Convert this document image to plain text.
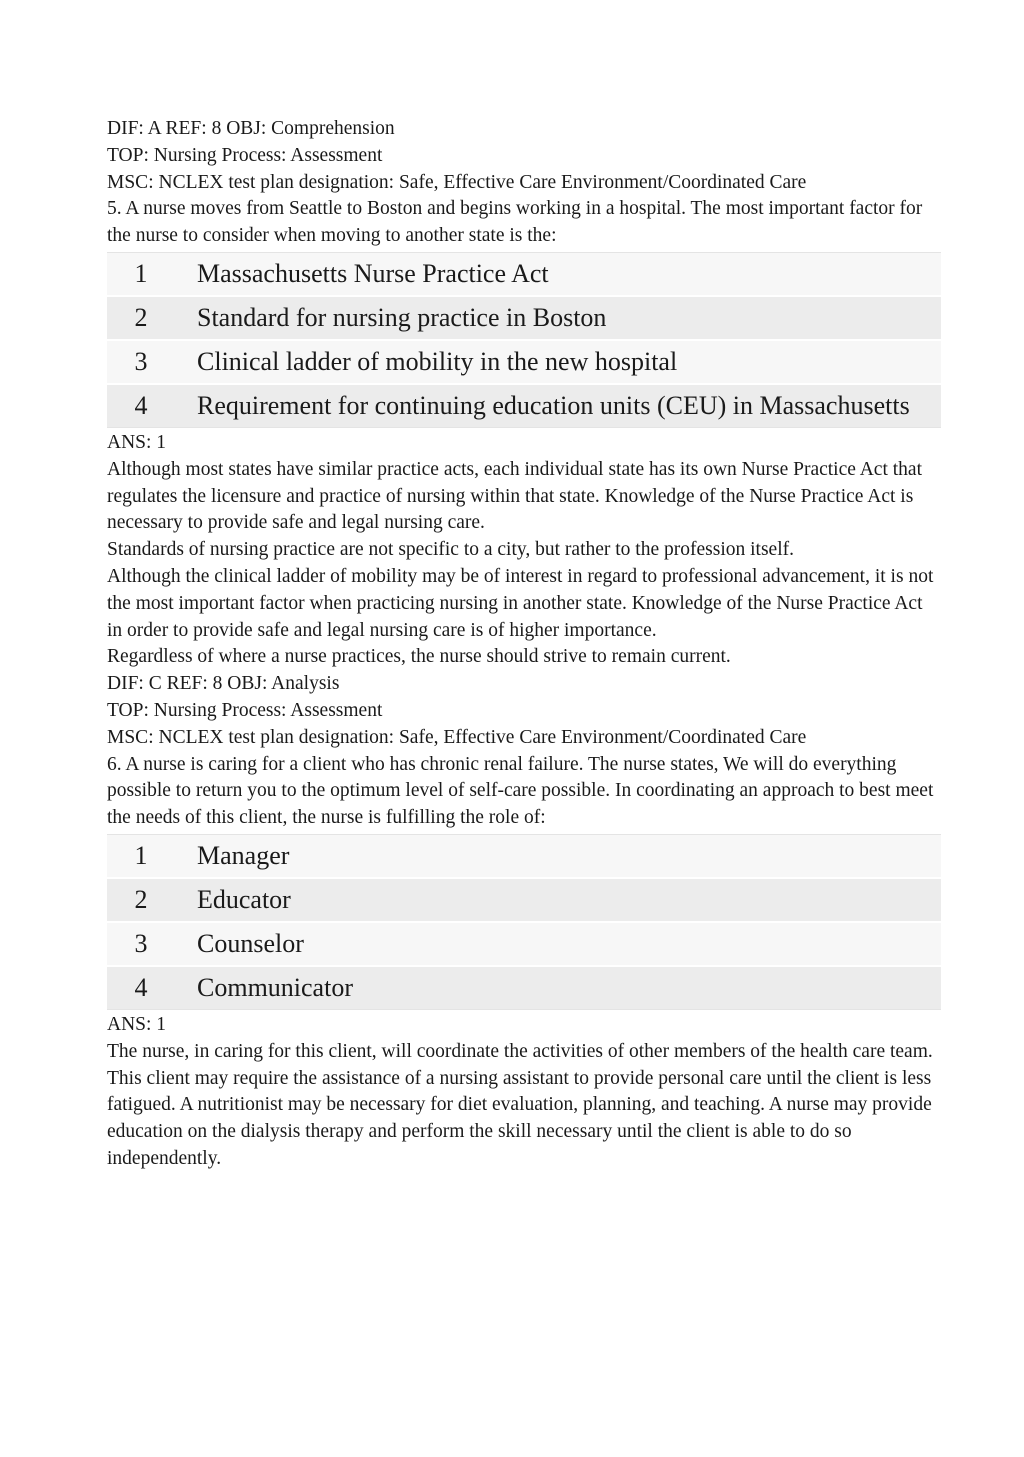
DIF: A REF: 8 OBJ: Comprehension

TOP: Nursing Process: Assessment

MSC: NCLEX test plan designation: Safe, Effective Care Environment/Coordinated Care

5. A nurse moves from Seattle to Boston and begins working in a hospital. The most important factor for the nurse to consider when moving to another state is the:

1	Massachusetts Nurse Practice Act
2	Standard for nursing practice in Boston
3	Clinical ladder of mobility in the new hospital
4	Requirement for continuing education units (CEU) in Massachusetts

ANS: 1

Although most states have similar practice acts, each individual state has its own Nurse Practice Act that regulates the licensure and practice of nursing within that state. Knowledge of the Nurse Practice Act is necessary to provide safe and legal nursing care.

Standards of nursing practice are not specific to a city, but rather to the profession itself.

Although the clinical ladder of mobility may be of interest in regard to professional advancement, it is not the most important factor when practicing nursing in another state. Knowledge of the Nurse Practice Act in order to provide safe and legal nursing care is of higher importance.

Regardless of where a nurse practices, the nurse should strive to remain current.

DIF: C REF: 8 OBJ: Analysis

TOP: Nursing Process: Assessment

MSC: NCLEX test plan designation: Safe, Effective Care Environment/Coordinated Care

6. A nurse is caring for a client who has chronic renal failure. The nurse states, We will do everything possible to return you to the optimum level of self-care possible. In coordinating an approach to best meet the needs of this client, the nurse is fulfilling the role of:

1	Manager
2	Educator
3	Counselor
4	Communicator

ANS: 1

The nurse, in caring for this client, will coordinate the activities of other members of the health care team. This client may require the assistance of a nursing assistant to provide personal care until the client is less fatigued. A nutritionist may be necessary for diet evaluation, planning, and teaching. A nurse may provide education on the dialysis therapy and perform the skill necessary until the client is able to do so independently.
